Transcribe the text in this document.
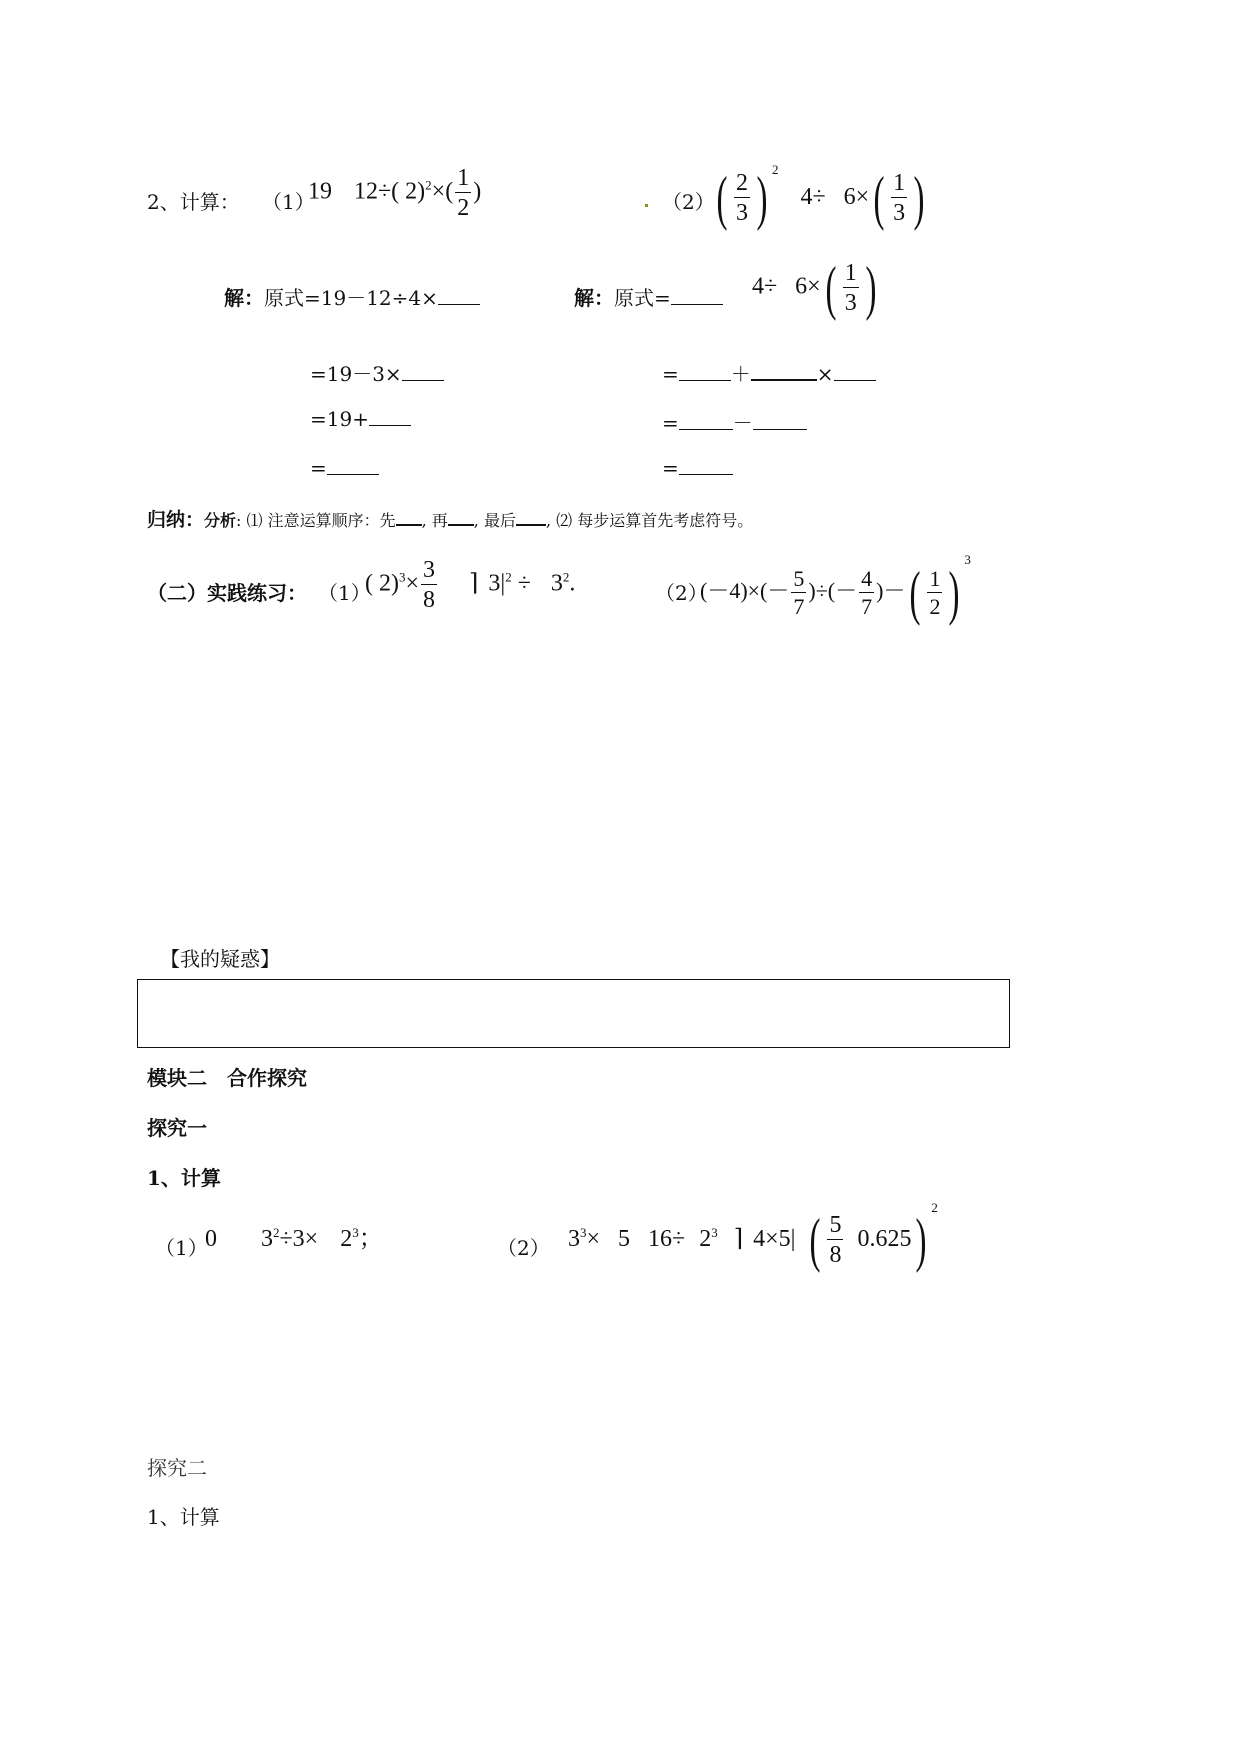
2、计算： （1）
19 12÷( $2)^2\times( \frac{1}{2}$ )	（2） ( $\frac{2}{3}$ ) $^24\div 6\times( \frac{1}{3}$ )
解：原式=19－12÷4×
=19－3×
=19+
=
解：原式=	$4\div 6\times( \frac{1}{3}$ )
=	＋	×
=	－
=
归纳：分析: ⑴ 注意运算顺序：先 , 再 , 最后 , ⑵ 每步运算首先考虑符号。
（二）实践练习： （1）
( $2)^3\times \frac{3}{8}$ ⌉ $3|^2 \div 3^2$.	（2）
$(-4)\times(- \frac{5}{7}$ )÷(－ $\frac{4}{7}$ )－( $\frac{1}{2} )^3$
【我的疑惑】
模块二　合作探究
探究一
1、计算
（1）
0 $3^2\div 3\times 2^3$；	（2） $3^3\times 5$ $16\div 2^3$ ⌉ 4×5| ( $\frac{5}{8} 0.625$) $^2$
探究二
1、计算
